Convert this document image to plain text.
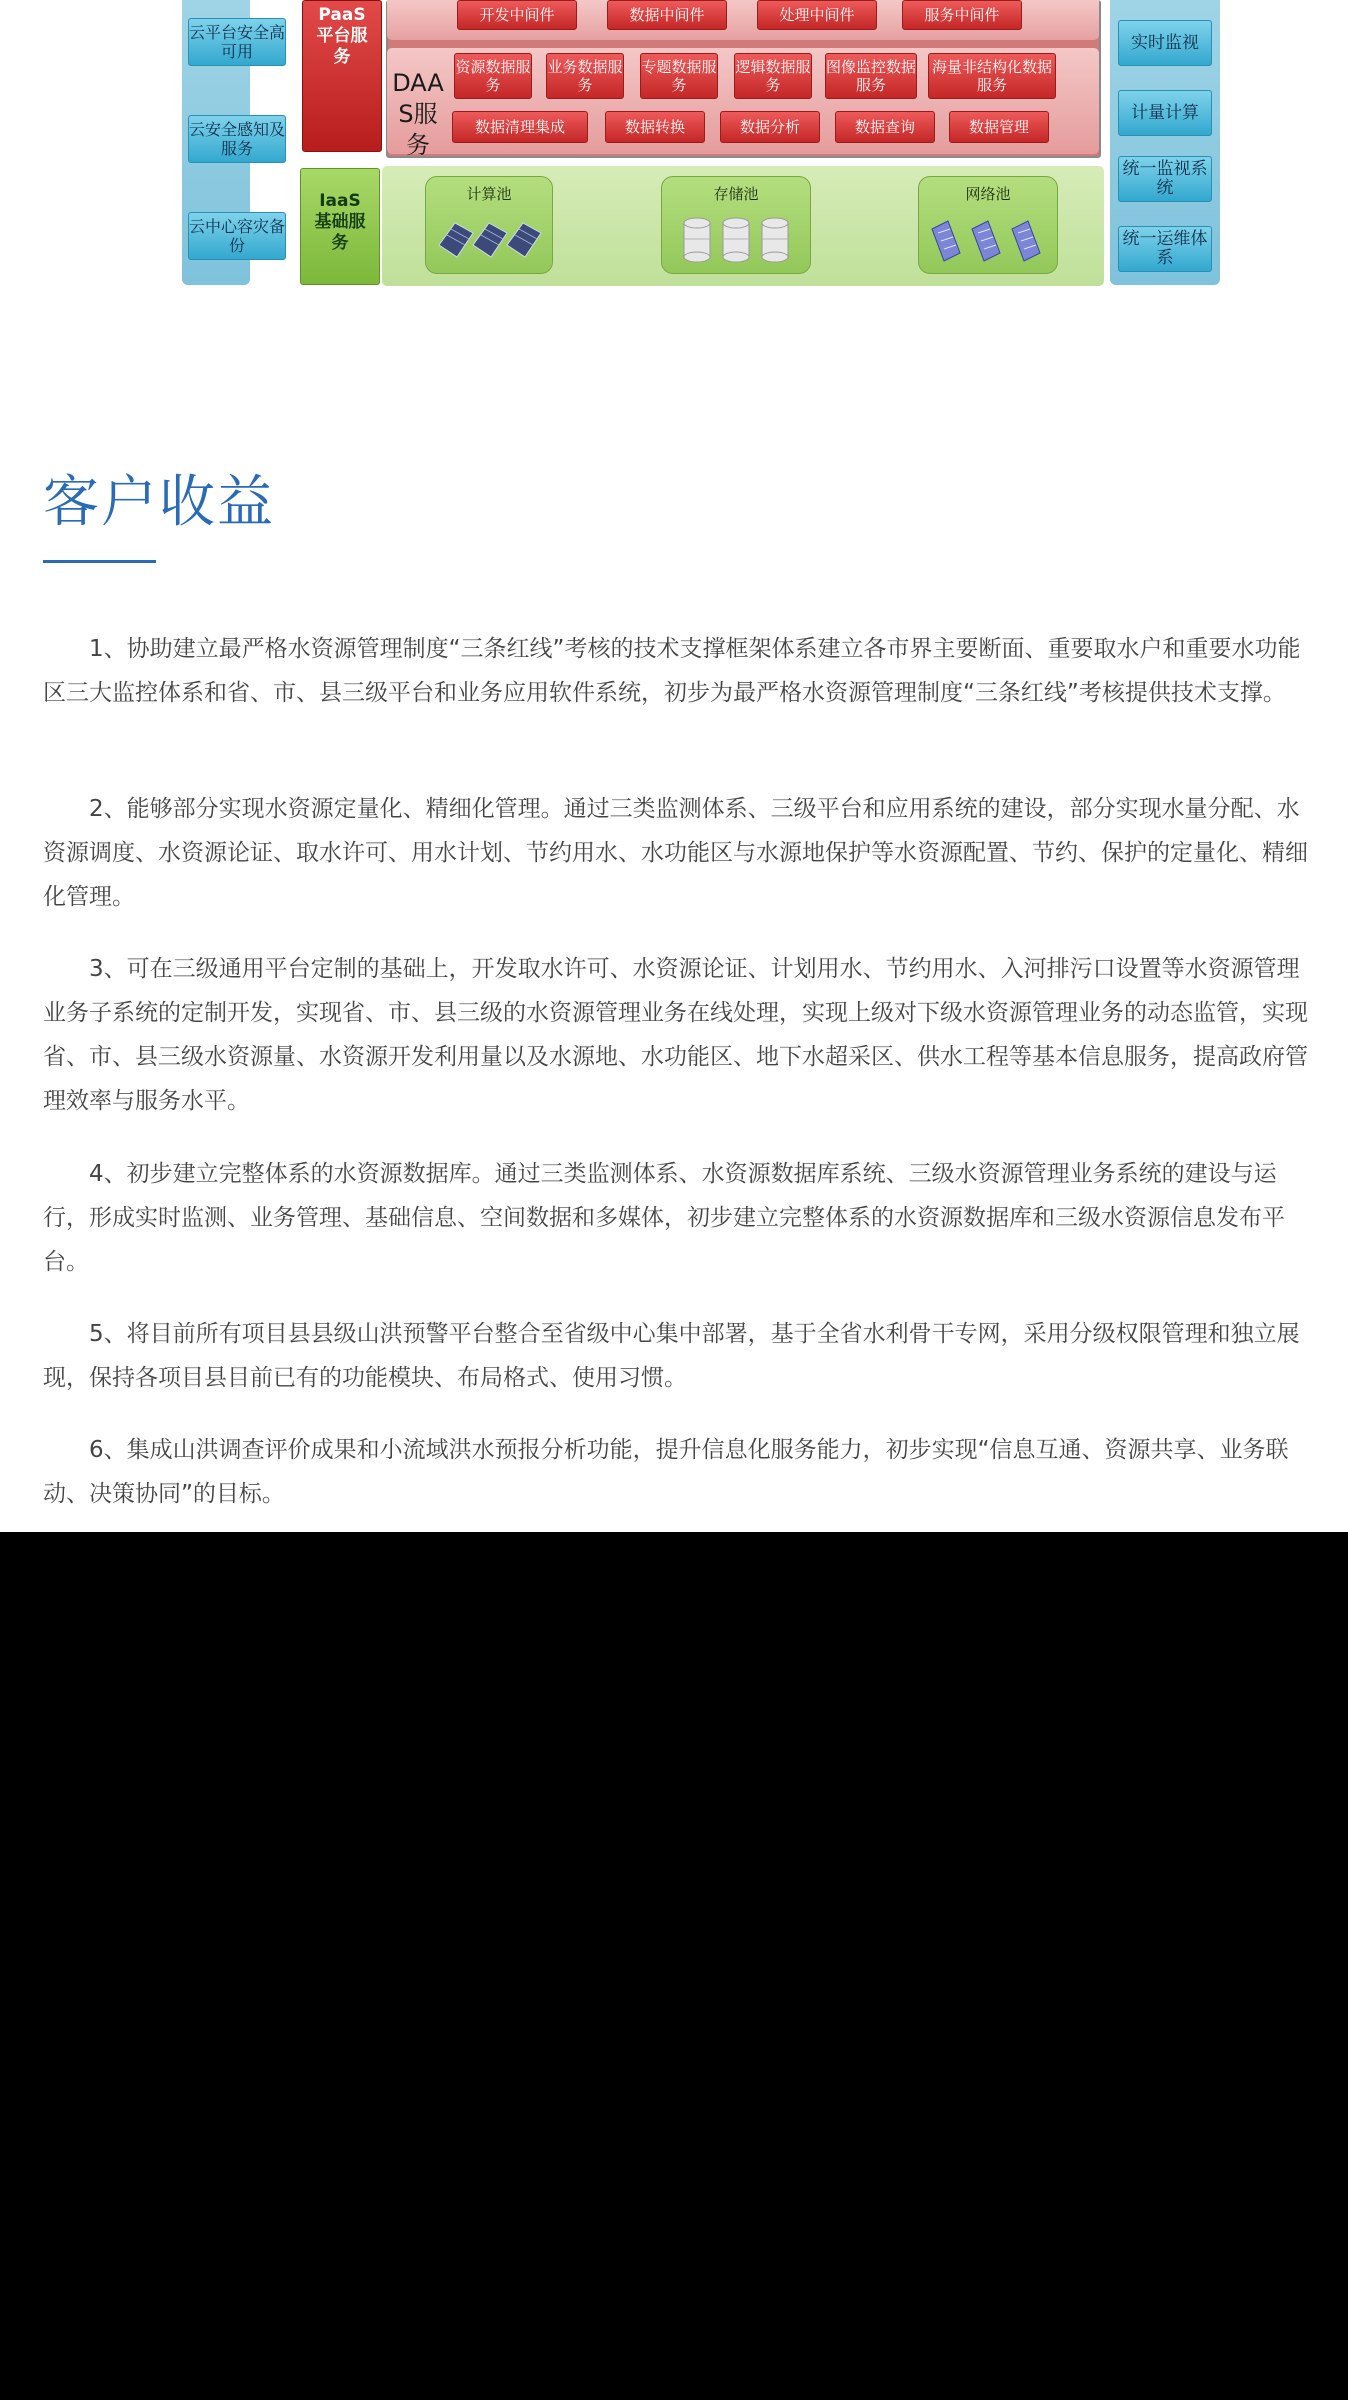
云平台安全高可用
云安全感知及服务
云中心容灾备份
PaaS平台服务
开发中间件	数据中间件	处理中间件	服务中间件
DAAS服务
资源数据服务
业务数据服务
专题数据服务
逻辑数据服务
图像监控数据服务
海量非结构化数据服务
数据清理集成	数据转换	数据分析	数据查询	数据管理
IaaS基础服务
计算池	存储池	网络池
实时监视
计量计算
统一监视系统
统一运维体系
客户收益

1、协助建立最严格水资源管理制度“三条红线”考核的技术支撑框架体系建立各市界主要断面、重要取水户和重要水功能区三大监控体系和省、市、县三级平台和业务应用软件系统，初步为最严格水资源管理制度“三条红线”考核提供技术支撑。

2、能够部分实现水资源定量化、精细化管理。通过三类监测体系、三级平台和应用系统的建设，部分实现水量分配、水资源调度、水资源论证、取水许可、用水计划、节约用水、水功能区与水源地保护等水资源配置、节约、保护的定量化、精细化管理。

3、可在三级通用平台定制的基础上，开发取水许可、水资源论证、计划用水、节约用水、入河排污口设置等水资源管理业务子系统的定制开发，实现省、市、县三级的水资源管理业务在线处理，实现上级对下级水资源管理业务的动态监管，实现省、市、县三级水资源量、水资源开发利用量以及水源地、水功能区、地下水超采区、供水工程等基本信息服务，提高政府管理效率与服务水平。

4、初步建立完整体系的水资源数据库。通过三类监测体系、水资源数据库系统、三级水资源管理业务系统的建设与运行，形成实时监测、业务管理、基础信息、空间数据和多媒体，初步建立完整体系的水资源数据库和三级水资源信息发布平台。

5、将目前所有项目县县级山洪预警平台整合至省级中心集中部署，基于全省水利骨干专网，采用分级权限管理和独立展现，保持各项目县目前已有的功能模块、布局格式、使用习惯。

6、集成山洪调查评价成果和小流域洪水预报分析功能，提升信息化服务能力，初步实现“信息互通、资源共享、业务联动、决策协同”的目标。
